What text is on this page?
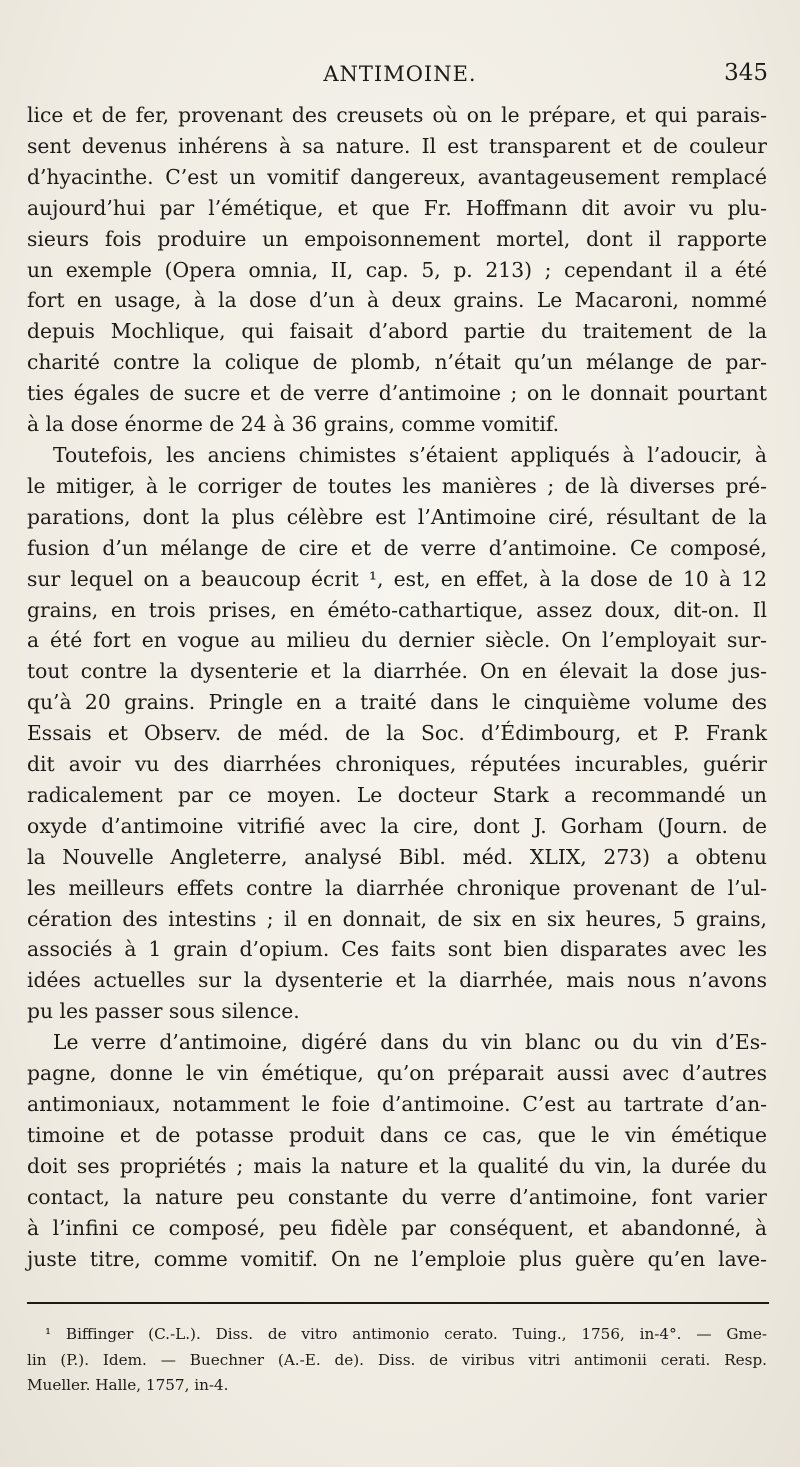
ANTIMOINE.	345
lice et de fer, provenant des creusets où on le prépare, et qui parais-
sent devenus inhérens à sa nature. Il est transparent et de couleur
d’hyacinthe. C’est un vomitif dangereux, avantageusement remplacé
aujourd’hui par l’émétique, et que Fr. Hoffmann dit avoir vu plu-
sieurs fois produire un empoisonnement mortel, dont il rapporte
un exemple (Opera omnia, II, cap. 5, p. 213) ; cependant il a été
fort en usage, à la dose d’un à deux grains. Le Macaroni, nommé
depuis Mochlique, qui faisait d’abord partie du traitement de la
charité contre la colique de plomb, n’était qu’un mélange de par-
ties égales de sucre et de verre d’antimoine ; on le donnait pourtant
à la dose énorme de 24 à 36 grains, comme vomitif.
Toutefois, les anciens chimistes s’étaient appliqués à l’adoucir, à
le mitiger, à le corriger de toutes les manières ; de là diverses pré-
parations, dont la plus célèbre est l’Antimoine ciré, résultant de la
fusion d’un mélange de cire et de verre d’antimoine. Ce composé,
sur lequel on a beaucoup écrit ¹, est, en effet, à la dose de 10 à 12
grains, en trois prises, en éméto-cathartique, assez doux, dit-on. Il
a été fort en vogue au milieu du dernier siècle. On l’employait sur-
tout contre la dysenterie et la diarrhée. On en élevait la dose jus-
qu’à 20 grains. Pringle en a traité dans le cinquième volume des
Essais et Observ. de méd. de la Soc. d’Édimbourg, et P. Frank
dit avoir vu des diarrhées chroniques, réputées incurables, guérir
radicalement par ce moyen. Le docteur Stark a recommandé un
oxyde d’antimoine vitrifié avec la cire, dont J. Gorham (Journ. de
la Nouvelle Angleterre, analysé Bibl. méd. XLIX, 273) a obtenu
les meilleurs effets contre la diarrhée chronique provenant de l’ul-
cération des intestins ; il en donnait, de six en six heures, 5 grains,
associés à 1 grain d’opium. Ces faits sont bien disparates avec les
idées actuelles sur la dysenterie et la diarrhée, mais nous n’avons
pu les passer sous silence.
Le verre d’antimoine, digéré dans du vin blanc ou du vin d’Es-
pagne, donne le vin émétique, qu’on préparait aussi avec d’autres
antimoniaux, notamment le foie d’antimoine. C’est au tartrate d’an-
timoine et de potasse produit dans ce cas, que le vin émétique
doit ses propriétés ; mais la nature et la qualité du vin, la durée du
contact, la nature peu constante du verre d’antimoine, font varier
à l’infini ce composé, peu fidèle par conséquent, et abandonné, à
juste titre, comme vomitif. On ne l’emploie plus guère qu’en lave-
¹ Biffinger (C.-L.). Diss. de vitro antimonio cerato. Tuing., 1756, in-4°. — Gme-
lin (P.). Idem. — Buechner (A.-E. de). Diss. de viribus vitri antimonii cerati. Resp.
Mueller. Halle, 1757, in-4.
